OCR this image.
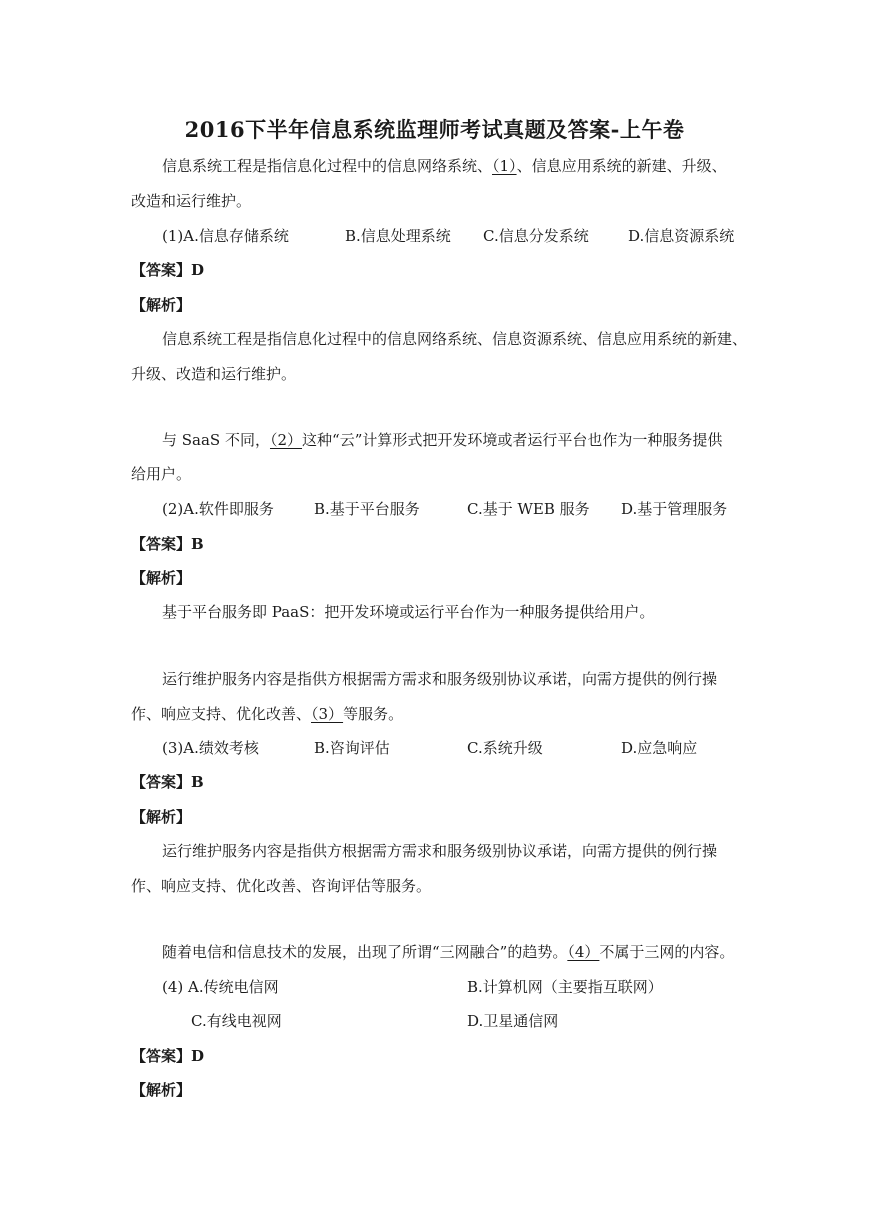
2016下半年信息系统监理师考试真题及答案-上午卷
信息系统工程是指信息化过程中的信息网络系统、（1）、信息应用系统的新建、升级、
改造和运行维护。
(1)A.信息存储系统	B.信息处理系统 C.信息分发系统	D.信息资源系统
【答案】D
【解析】
信息系统工程是指信息化过程中的信息网络系统、信息资源系统、信息应用系统的新建、
升级、改造和运行维护。
与 SaaS 不同，（2）这种“云”计算形式把开发环境或者运行平台也作为一种服务提供
给用户。
(2)A.软件即服务	B.基于平台服务	C.基于 WEB 服务 D.基于管理服务
【答案】B
【解析】
基于平台服务即 PaaS：把开发环境或运行平台作为一种服务提供给用户。
运行维护服务内容是指供方根据需方需求和服务级别协议承诺，向需方提供的例行操
作、响应支持、优化改善、（3）等服务。
(3)A.绩效考核	B.咨询评估	C.系统升级	D.应急响应
【答案】B
【解析】
运行维护服务内容是指供方根据需方需求和服务级别协议承诺，向需方提供的例行操
作、响应支持、优化改善、咨询评估等服务。
随着电信和信息技术的发展，出现了所谓“三网融合”的趋势。（4）不属于三网的内容。
(4) A.传统电信网	B.计算机网（主要指互联网）
C.有线电视网	D.卫星通信网
【答案】D
【解析】
